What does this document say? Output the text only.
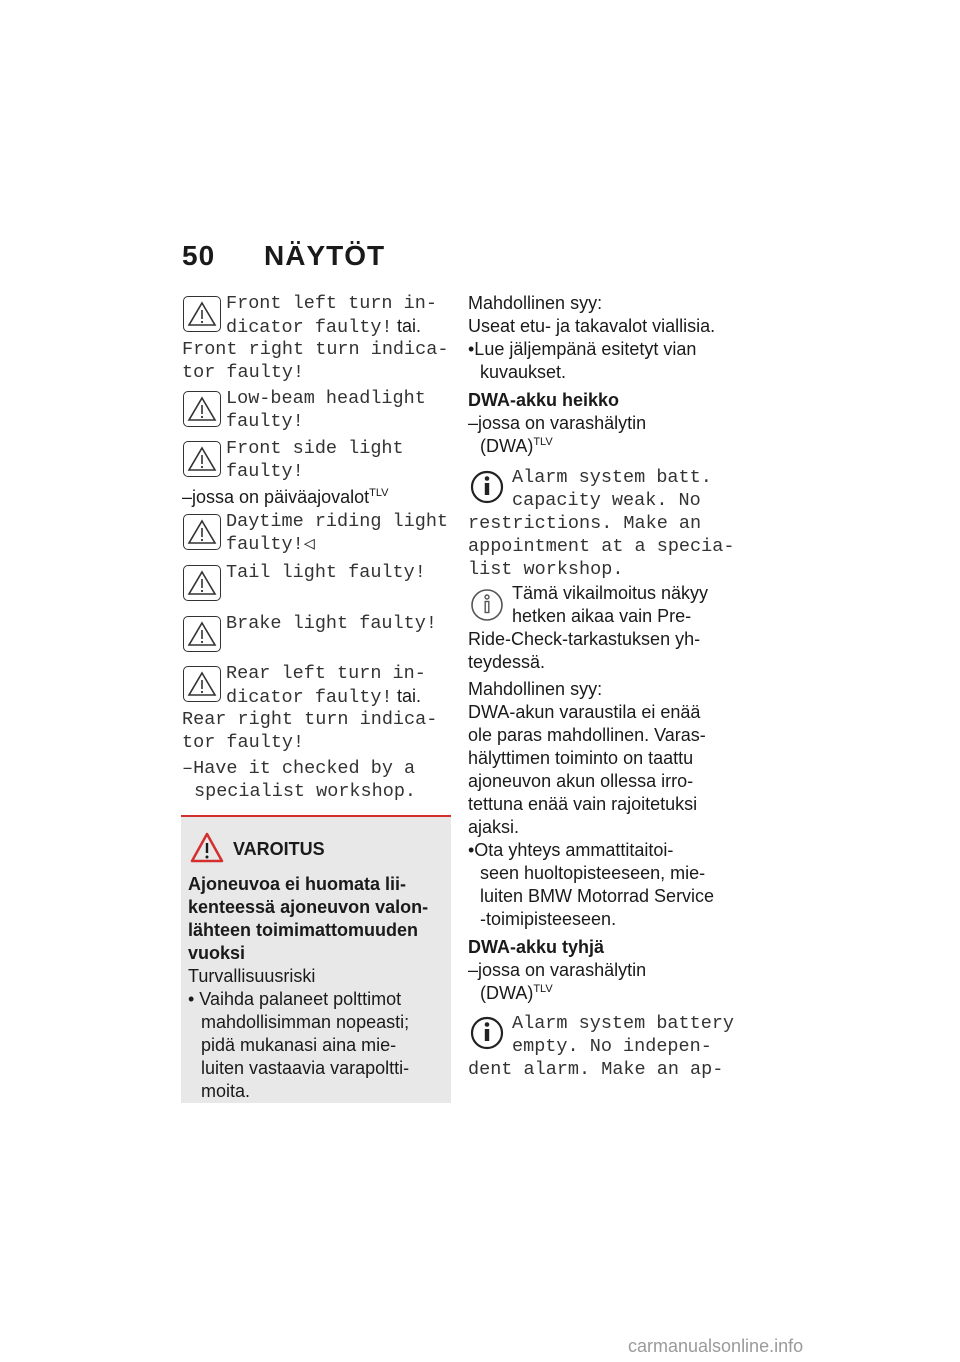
50 NÄYTÖT
Front left turn in-
dicator faulty! tai.
Front right turn indica-
tor faulty!
Low-beam headlight
faulty!
Front side light
faulty!
–jossa on päiväajovalot$^{TLV}$
Daytime riding light
faulty!◁
Tail light faulty!
Brake light faulty!
Rear left turn in-
dicator faulty! tai.
Rear right turn indica-
tor faulty!
–Have it checked by a
specialist workshop.
VAROITUS
Ajoneuvoa ei huomata lii-
kenteessä ajoneuvon valon-
lähteen toimimattomuuden
vuoksi
Turvallisuusriski
• Vaihda palaneet polttimot
mahdollisimman nopeasti;
pidä mukanasi aina mie-
luiten vastaavia varapoltti-
moita.
Mahdollinen syy:
Useat etu- ja takavalot viallisia.
•Lue jäljempänä esitetyt vian
kuvaukset.
DWA-akku heikko
–jossa on varashälytin
(DWA)$^{TLV}$
Alarm system batt.
capacity weak. No
restrictions. Make an
appointment at a specia-
list workshop.
Tämä vikailmoitus näkyy
hetken aikaa vain Pre-
Ride-Check-tarkastuksen yh-
teydessä.
Mahdollinen syy:
DWA-akun varaustila ei enää
ole paras mahdollinen. Varas-
hälyttimen toiminto on taattu
ajoneuvon akun ollessa irro-
tettuna enää vain rajoitetuksi
ajaksi.
•Ota yhteys ammattitaitoi-
seen huoltopisteeseen, mie-
luiten BMW Motorrad Service
-toimipisteeseen.
DWA-akku tyhjä
–jossa on varashälytin
(DWA)$^{TLV}$
Alarm system battery
empty. No indepen-
dent alarm. Make an ap-
carmanualsonline.info
